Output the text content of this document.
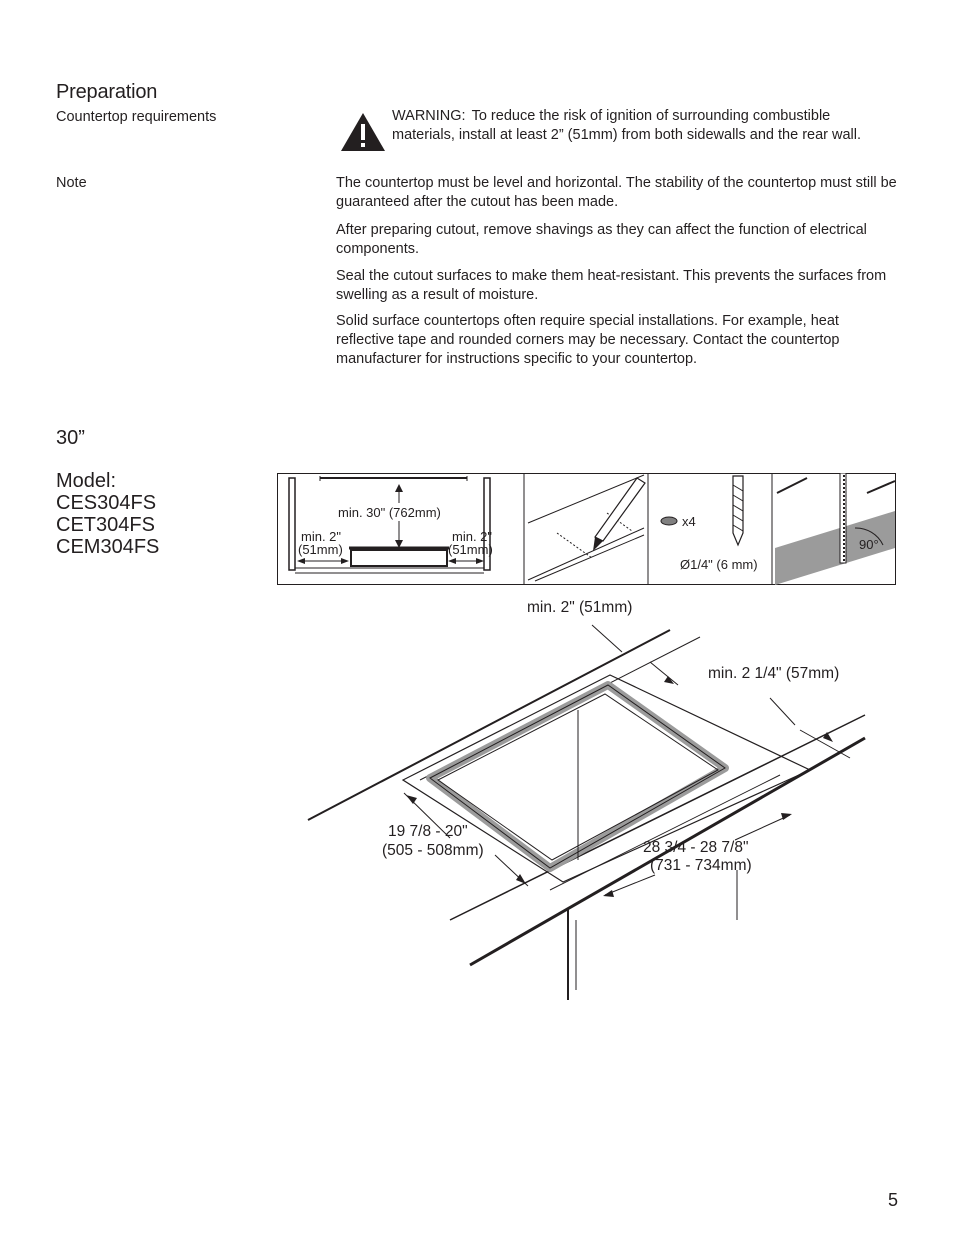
Preparation
Countertop requirements	WARNING: To reduce the risk of ignition of surrounding combustible materials, install at least 2” (51mm) from both sidewalls and the rear wall.
Note	The countertop must be level and horizontal. The stability of the countertop must still be guaranteed after the cutout has been made.
After preparing cutout, remove shavings as they can affect the function of electrical components.
Seal the cutout surfaces to make them heat-resistant. This prevents the surfaces from swelling as a result of moisture.
Solid surface countertops often require special installations. For example, heat reflective tape and rounded corners may be necessary. Contact the countertop manufacturer for instructions specific to your countertop.
30”
Model:
CES304FS
CET304FS
CEM304FS
min. 30" (762mm)
min. 2"
(51mm)
min. 2"
(51mm)
x4
Ø1/4" (6 mm)
90°
min. 2" (51mm)
min. 2 1/4" (57mm)
19 7/8 - 20"
(505 - 508mm)	28 3/4 - 28 7/8"
(731 - 734mm)
5
